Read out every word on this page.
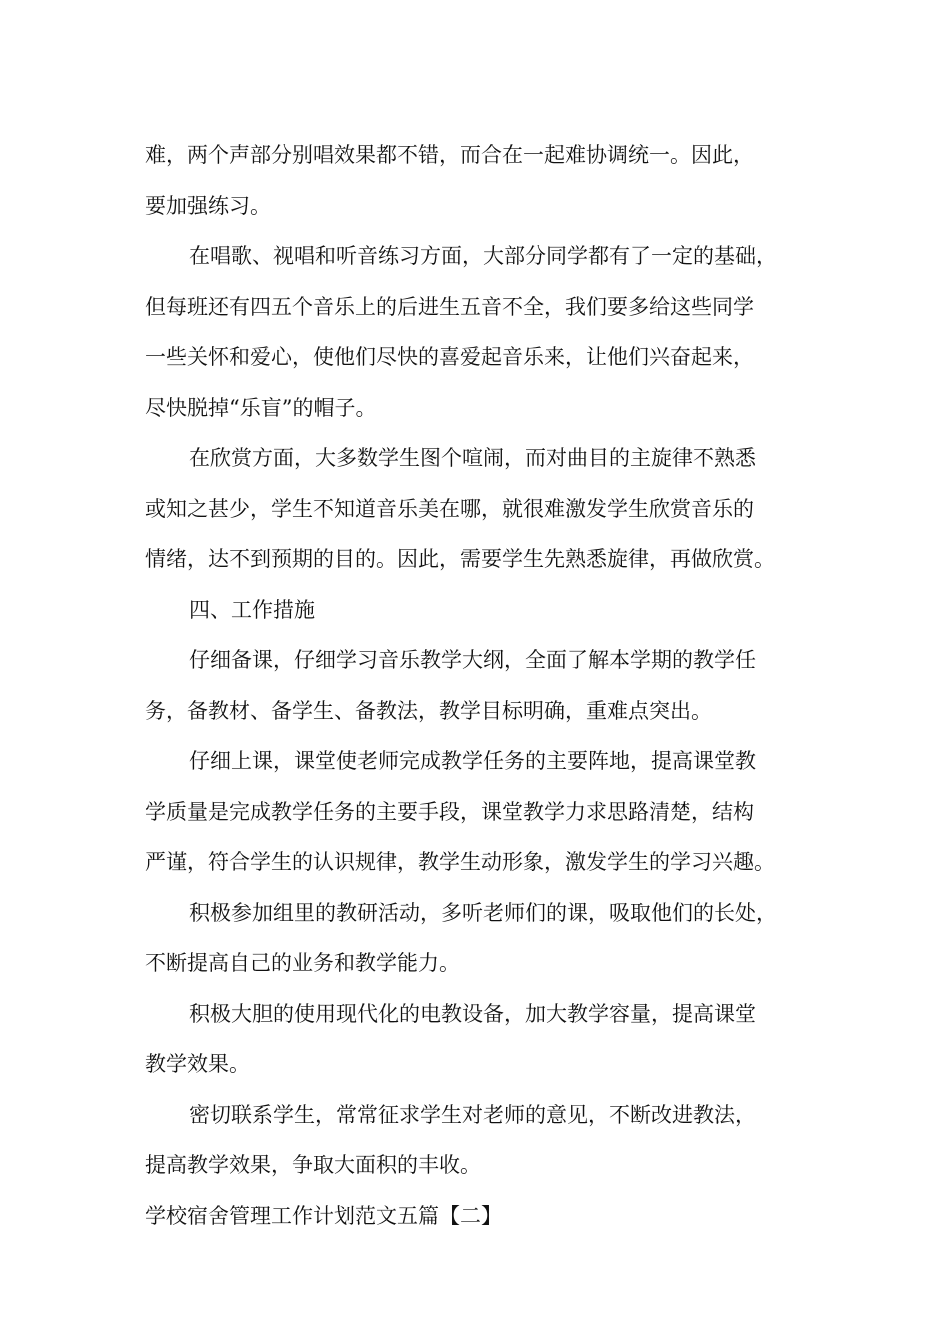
难，两个声部分别唱效果都不错，而合在一起难协调统一。因此，
要加强练习。
在唱歌、视唱和听音练习方面，大部分同学都有了一定的基础，
但每班还有四五个音乐上的后进生五音不全，我们要多给这些同学
一些关怀和爱心，使他们尽快的喜爱起音乐来，让他们兴奋起来，
尽快脱掉“乐盲”的帽子。
在欣赏方面，大多数学生图个喧闹，而对曲目的主旋律不熟悉
或知之甚少，学生不知道音乐美在哪，就很难激发学生欣赏音乐的
情绪，达不到预期的目的。因此，需要学生先熟悉旋律，再做欣赏。
四、工作措施
仔细备课，仔细学习音乐教学大纲，全面了解本学期的教学任
务，备教材、备学生、备教法，教学目标明确，重难点突出。
仔细上课，课堂使老师完成教学任务的主要阵地，提高课堂教
学质量是完成教学任务的主要手段，课堂教学力求思路清楚，结构
严谨，符合学生的认识规律，教学生动形象，激发学生的学习兴趣。
积极参加组里的教研活动，多听老师们的课，吸取他们的长处，
不断提高自己的业务和教学能力。
积极大胆的使用现代化的电教设备，加大教学容量，提高课堂
教学效果。
密切联系学生，常常征求学生对老师的意见，不断改进教法，
提高教学效果，争取大面积的丰收。
学校宿舍管理工作计划范文五篇【二】
